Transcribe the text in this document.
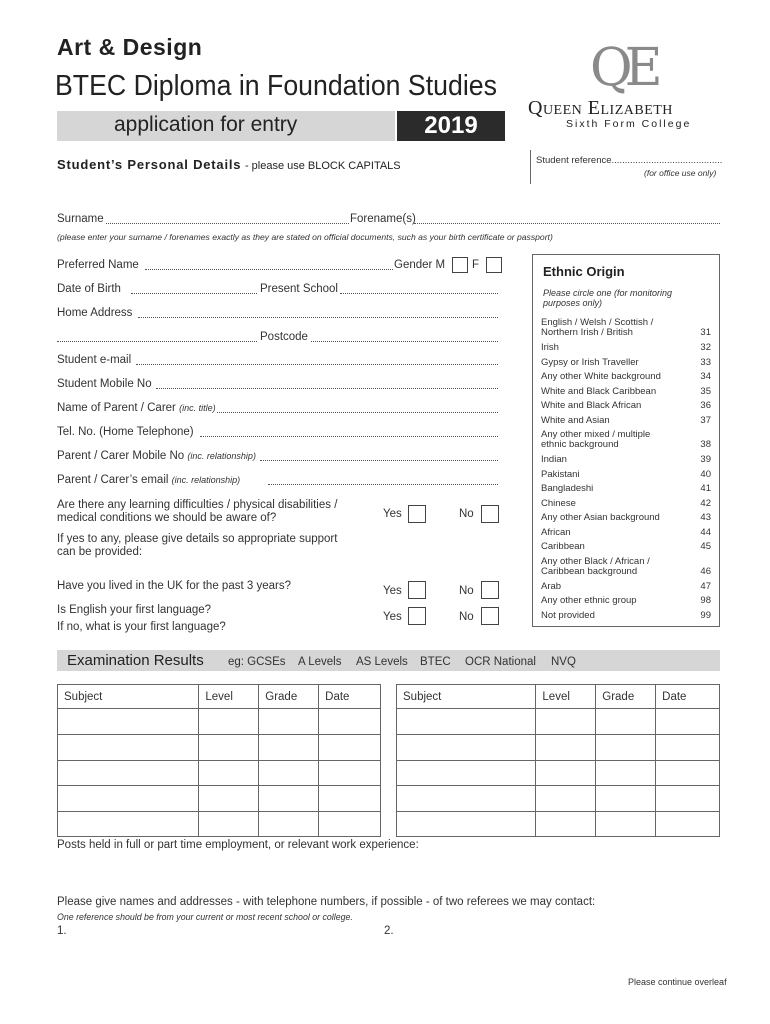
Art & Design
BTEC Diploma in Foundation Studies
application for entry	2019
QE
Queen Elizabeth
Sixth Form College
Student’s Personal Details - please use BLOCK CAPITALS	Student reference..........................................
(for office use only)
Surname	Forename(s)
(please enter your surname / forenames exactly as they are stated on official documents, such as your birth certificate or passport)
Preferred Name	Gender M F
Date of Birth	Present School
Home Address
Postcode
Student e-mail
Student Mobile No
Name of Parent / Carer (inc. title)
Tel. No. (Home Telephone)
Parent / Carer Mobile No (inc. relationship)
Parent / Carer’s email (inc. relationship)
Are there any learning difficulties / physical disabilities /
medical conditions we should be aware of?	Yes	No
If yes to any, please give details so appropriate support
can be provided:
Have you lived in the UK for the past 3 years?	Yes	No
Is English your first language?
Yes	No
If no, what is your first language?
Ethnic Origin
Please circle one (for monitoring
purposes only)
English / Welsh / Scottish /
Northern Irish / British	31
Irish	32
Gypsy or Irish Traveller	33
Any other White background	34
White and Black Caribbean	35
White and Black African	36
White and Asian	37
Any other mixed / multiple
ethnic background	38
Indian	39
Pakistani	40
Bangladeshi	41
Chinese	42
Any other Asian background	43
African	44
Caribbean	45
Any other Black / African /
Caribbean background	46
Arab	47
Any other ethnic group	98
Not provided	99
Examination Results eg: GCSEs A Levels AS Levels BTEC OCR National NVQ
Subject	Level	Grade	Date

				Subject	Level	Grade	Date

Posts held in full or part time employment, or relevant work experience:
Please give names and addresses - with telephone numbers, if possible - of two referees we may contact:
One reference should be from your current or most recent school or college.
1.	2.
Please continue overleaf
